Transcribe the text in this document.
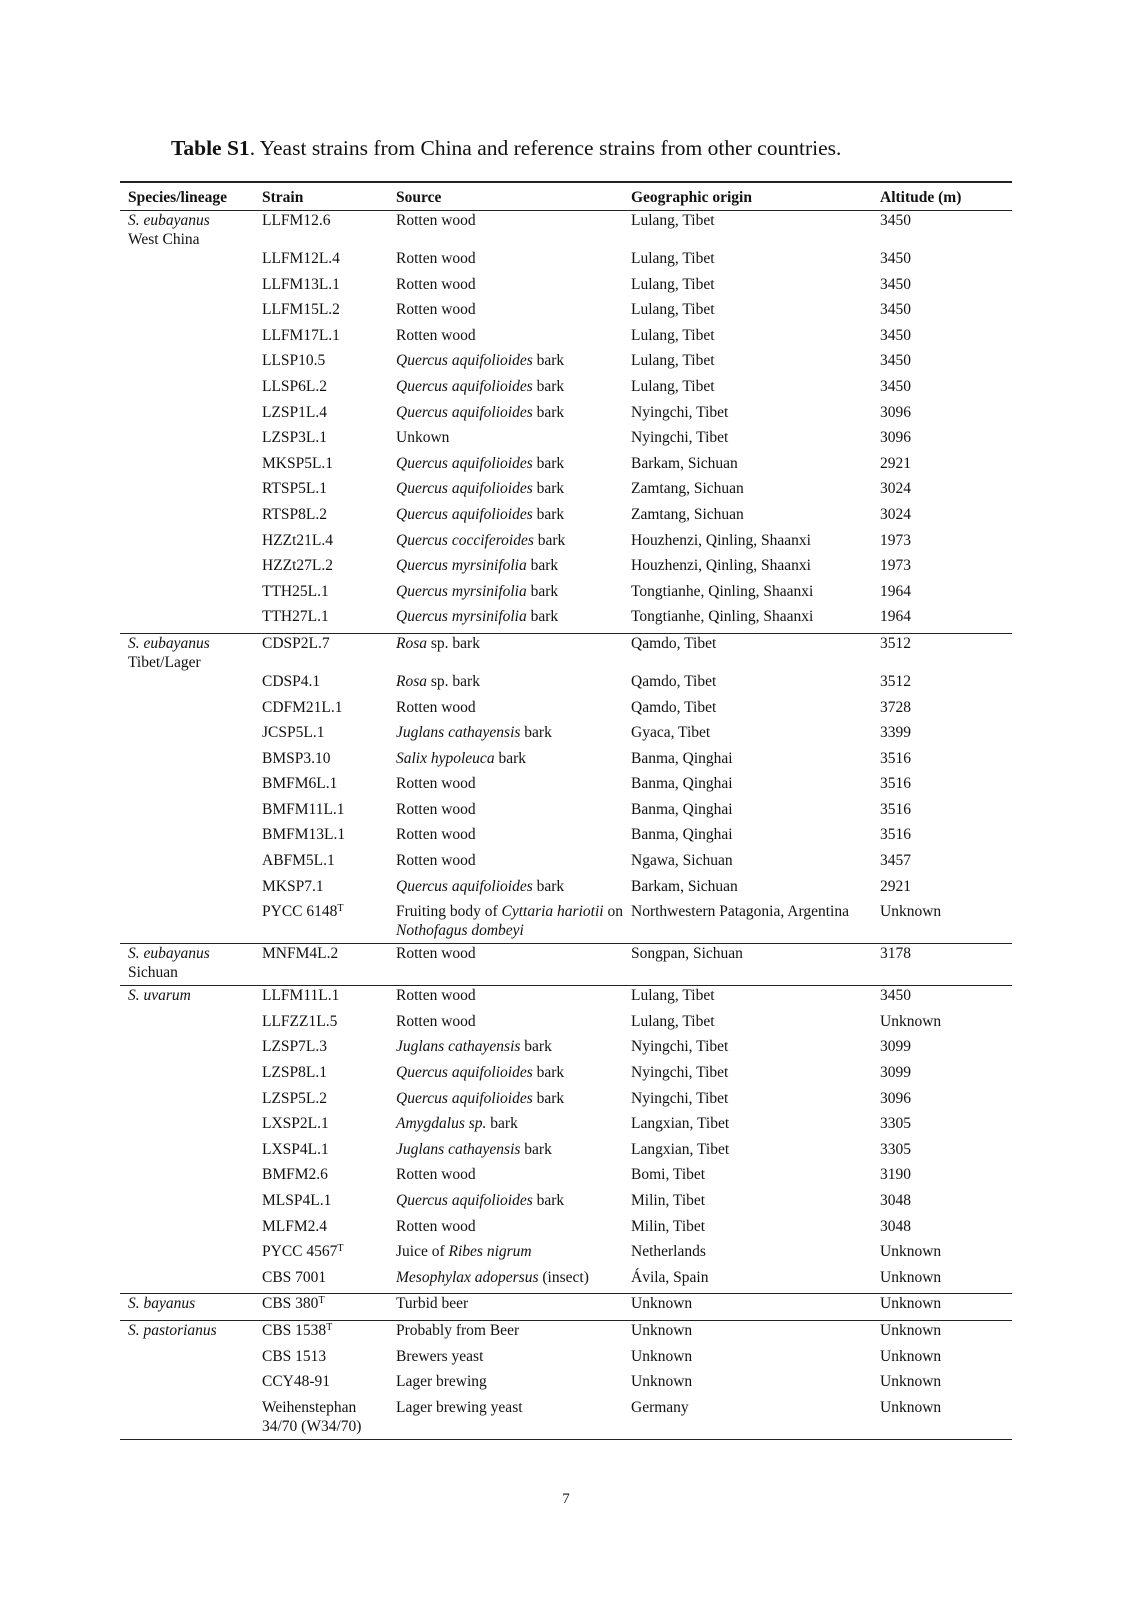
Table S1. Yeast strains from China and reference strains from other countries.
Species/lineage	Strain	Source	Geographic origin	Altitude (m)

S. eubayanus
West China	LLFM12.6	Rotten wood	Lulang, Tibet	3450
	LLFM12L.4	Rotten wood	Lulang, Tibet	3450
	LLFM13L.1	Rotten wood	Lulang, Tibet	3450
	LLFM15L.2	Rotten wood	Lulang, Tibet	3450
	LLFM17L.1	Rotten wood	Lulang, Tibet	3450
	LLSP10.5	Quercus aquifolioides bark	Lulang, Tibet	3450
	LLSP6L.2	Quercus aquifolioides bark	Lulang, Tibet	3450
	LZSP1L.4	Quercus aquifolioides bark	Nyingchi, Tibet	3096
	LZSP3L.1	Unkown	Nyingchi, Tibet	3096
	MKSP5L.1	Quercus aquifolioides bark	Barkam, Sichuan	2921
	RTSP5L.1	Quercus aquifolioides bark	Zamtang, Sichuan	3024
	RTSP8L.2	Quercus aquifolioides bark	Zamtang, Sichuan	3024
	HZZt21L.4	Quercus cocciferoides bark	Houzhenzi, Qinling, Shaanxi	1973
	HZZt27L.2	Quercus myrsinifolia bark	Houzhenzi, Qinling, Shaanxi	1973
	TTH25L.1	Quercus myrsinifolia bark	Tongtianhe, Qinling, Shaanxi	1964
	TTH27L.1	Quercus myrsinifolia bark	Tongtianhe, Qinling, Shaanxi	1964

S. eubayanus
Tibet/Lager	CDSP2L.7	Rosa sp. bark	Qamdo, Tibet	3512
	CDSP4.1	Rosa sp. bark	Qamdo, Tibet	3512
	CDFM21L.1	Rotten wood	Qamdo, Tibet	3728
	JCSP5L.1	Juglans cathayensis bark	Gyaca, Tibet	3399
	BMSP3.10	Salix hypoleuca bark	Banma, Qinghai	3516
	BMFM6L.1	Rotten wood	Banma, Qinghai	3516
	BMFM11L.1	Rotten wood	Banma, Qinghai	3516
	BMFM13L.1	Rotten wood	Banma, Qinghai	3516
	ABFM5L.1	Rotten wood	Ngawa, Sichuan	3457
	MKSP7.1	Quercus aquifolioides bark	Barkam, Sichuan	2921
	PYCC $6148^T$	Fruiting body of Cyttaria hariotii on Nothofagus dombeyi	Northwestern Patagonia, Argentina	Unknown

S. eubayanus
Sichuan	MNFM4L.2	Rotten wood	Songpan, Sichuan	3178

S. uvarum	LLFM11L.1	Rotten wood	Lulang, Tibet	3450
	LLFZZ1L.5	Rotten wood	Lulang, Tibet	Unknown
	LZSP7L.3	Juglans cathayensis bark	Nyingchi, Tibet	3099
	LZSP8L.1	Quercus aquifolioides bark	Nyingchi, Tibet	3099
	LZSP5L.2	Quercus aquifolioides bark	Nyingchi, Tibet	3096
	LXSP2L.1	Amygdalus sp. bark	Langxian, Tibet	3305
	LXSP4L.1	Juglans cathayensis bark	Langxian, Tibet	3305
	BMFM2.6	Rotten wood	Bomi, Tibet	3190
	MLSP4L.1	Quercus aquifolioides bark	Milin, Tibet	3048
	MLFM2.4	Rotten wood	Milin, Tibet	3048
	PYCC $4567^T$	Juice of Ribes nigrum	Netherlands	Unknown
	CBS 7001	Mesophylax adopersus (insect)	Ávila, Spain	Unknown

S. bayanus	CBS $380^T$	Turbid beer	Unknown	Unknown

S. pastorianus	CBS $1538^T$	Probably from Beer	Unknown	Unknown
	CBS 1513	Brewers yeast	Unknown	Unknown
	CCY48-91	Lager brewing	Unknown	Unknown
	Weihenstephan 34/70 (W34/70)	Lager brewing yeast	Germany	Unknown
7
